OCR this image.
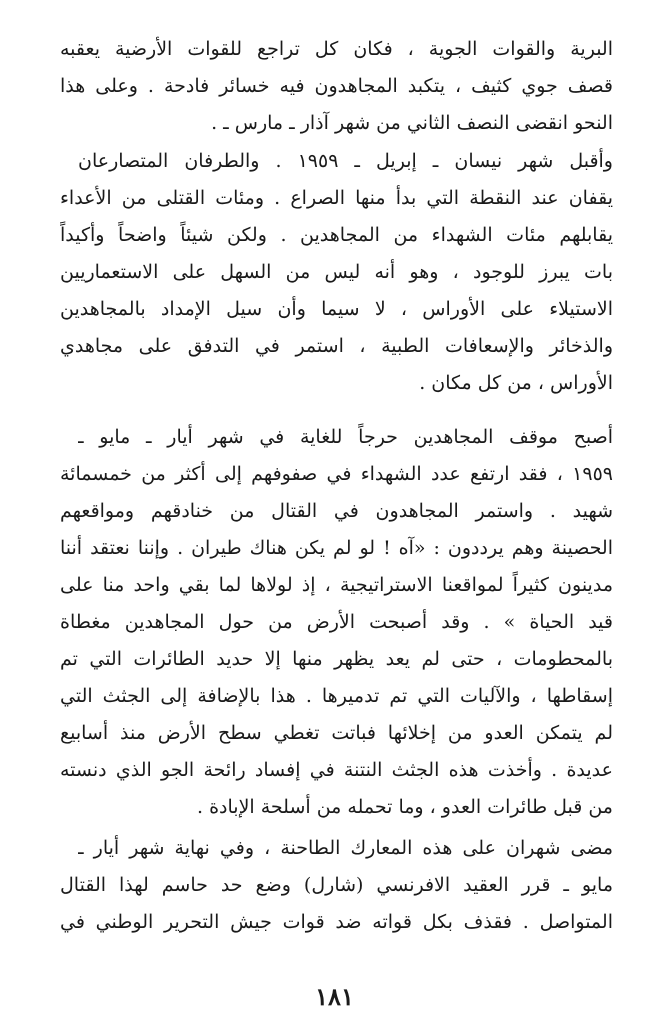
البرية والقوات الجوية ، فكان كل تراجع للقوات الأرضية يعقبه
قصف جوي كثيف ، يتكبد المجاهدون فيه خسائر فادحة . وعلى هذا
النحو انقضى النصف الثاني من شهر آذار ـ مارس ـ .
وأقبل شهر نيسان ـ إبريل ـ ١٩٥٩ . والطرفان المتصارعان
يقفان عند النقطة التي بدأ منها الصراع . ومئات القتلى من الأعداء
يقابلهم مئات الشهداء من المجاهدين . ولكن شيئاً واضحاً وأكيداً
بات يبرز للوجود ، وهو أنه ليس من السهل على الاستعماريين
الاستيلاء على الأوراس ، لا سيما وأن سيل الإمداد بالمجاهدين
والذخائر والإسعافات الطبية ، استمر في التدفق على مجاهدي
الأوراس ، من كل مكان .
أصبح موقف المجاهدين حرجاً للغاية في شهر أيار ـ مايو ـ
١٩٥٩ ، فقد ارتفع عدد الشهداء في صفوفهم إلى أكثر من خمسمائة
شهيد . واستمر المجاهدون في القتال من خنادقهم ومواقعهم
الحصينة وهم يرددون : «آه ! لو لم يكن هناك طيران . وإننا نعتقد أننا
مدينون كثيراً لمواقعنا الاستراتيجية ، إذ لولاها لما بقي واحد منا على
قيد الحياة » . وقد أصبحت الأرض من حول المجاهدين مغطاة
بالمحطومات ، حتى لم يعد يظهر منها إلا حديد الطائرات التي تم
إسقاطها ، والآليات التي تم تدميرها . هذا بالإضافة إلى الجثث التي
لم يتمكن العدو من إخلائها فباتت تغطي سطح الأرض منذ أسابيع
عديدة . وأخذت هذه الجثث النتنة في إفساد رائحة الجو الذي دنسته
من قبل طائرات العدو ، وما تحمله من أسلحة الإبادة .
مضى شهران على هذه المعارك الطاحنة ، وفي نهاية شهر أيار ـ
مايو ـ قرر العقيد الافرنسي (شارل) وضع حد حاسم لهذا القتال
المتواصل . فقذف بكل قواته ضد قوات جيش التحرير الوطني في
١٨١
